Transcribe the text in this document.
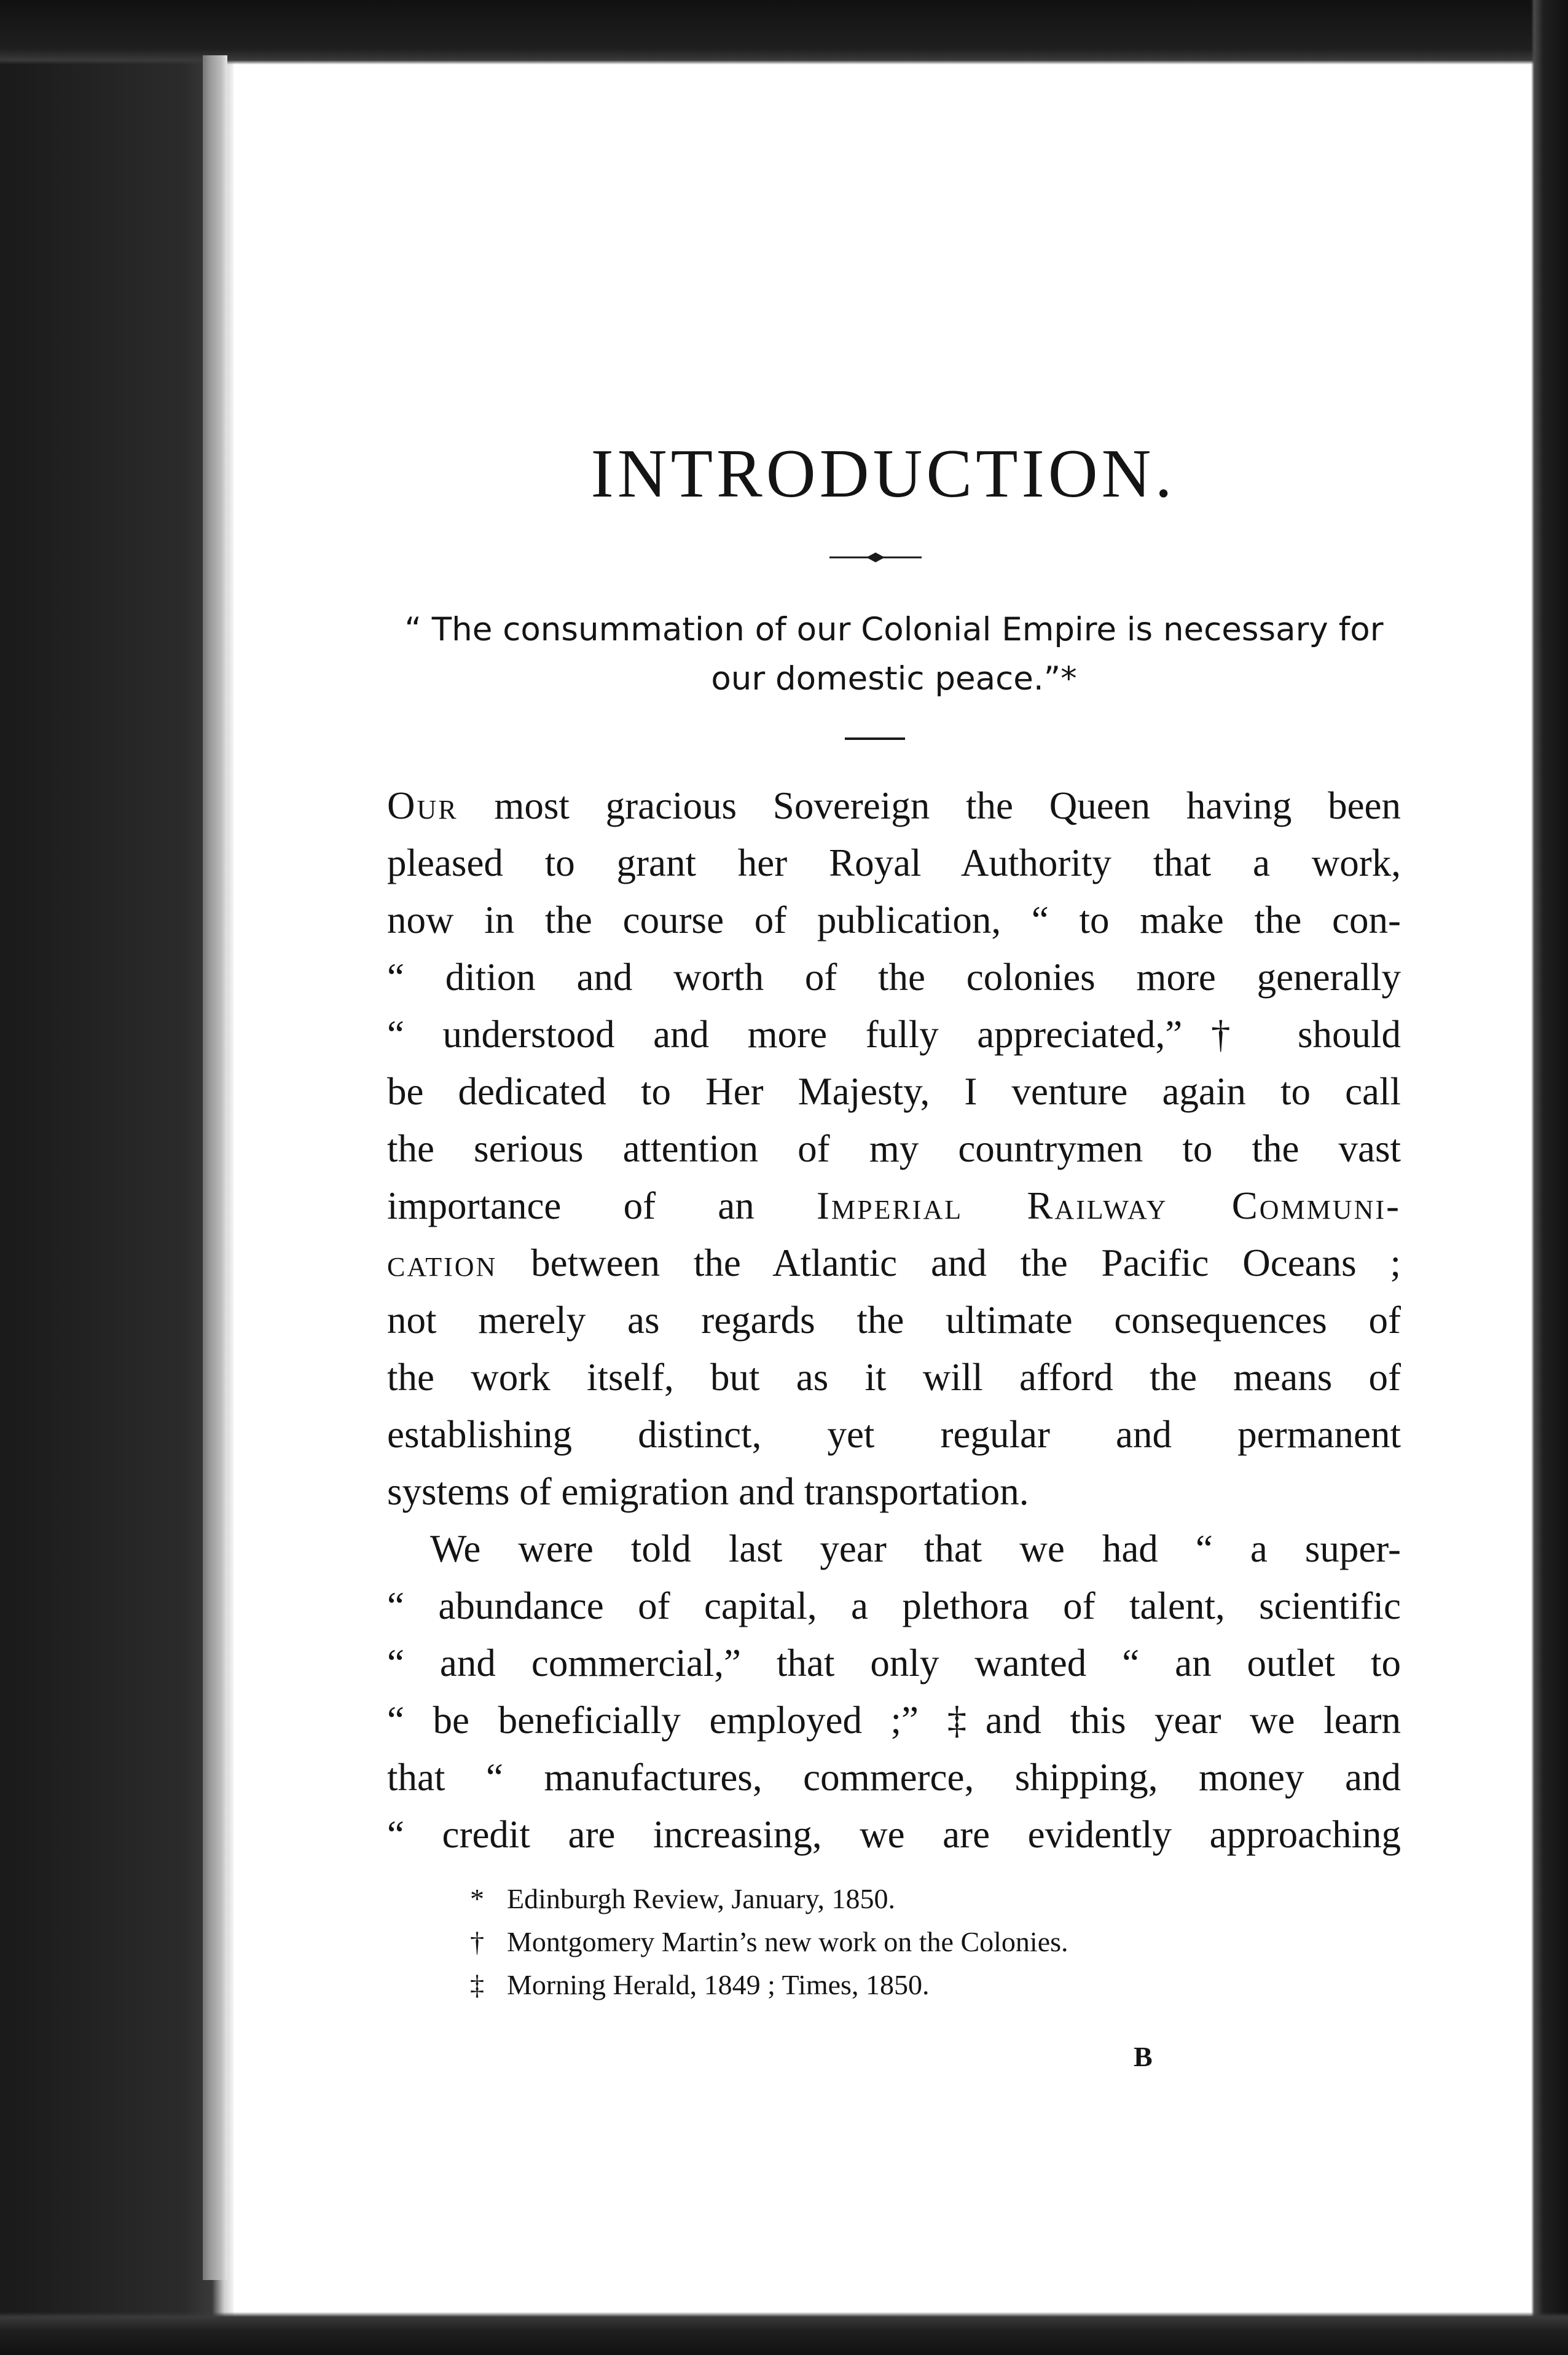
INTRODUCTION.

“ The consummation of our Colonial Empire is necessary for
our domestic peace.”*

Our most gracious Sovereign the Queen having been
pleased to grant her Royal Authority that a work,
now in the course of publication, “ to make the con-
“ dition and worth of the colonies more generally
“ understood and more fully appreciated,”† should
be dedicated to Her Majesty, I venture again to call
the serious attention of my countrymen to the vast
importance of an Imperial Railway Communi-
cation between the Atlantic and the Pacific Oceans ;
not merely as regards the ultimate consequences of
the work itself, but as it will afford the means of
establishing distinct, yet regular and permanent
systems of emigration and transportation.
We were told last year that we had “ a super-
“ abundance of capital, a plethora of talent, scientific
“ and commercial,” that only wanted “ an outlet to
“ be beneficially employed ;” ‡and this year we learn
that “ manufactures, commerce, shipping, money and
“ credit are increasing, we are evidently approaching
* Edinburgh Review, January, 1850.
† Montgomery Martin’s new work on the Colonies.
‡ Morning Herald, 1849 ; Times, 1850.
B
